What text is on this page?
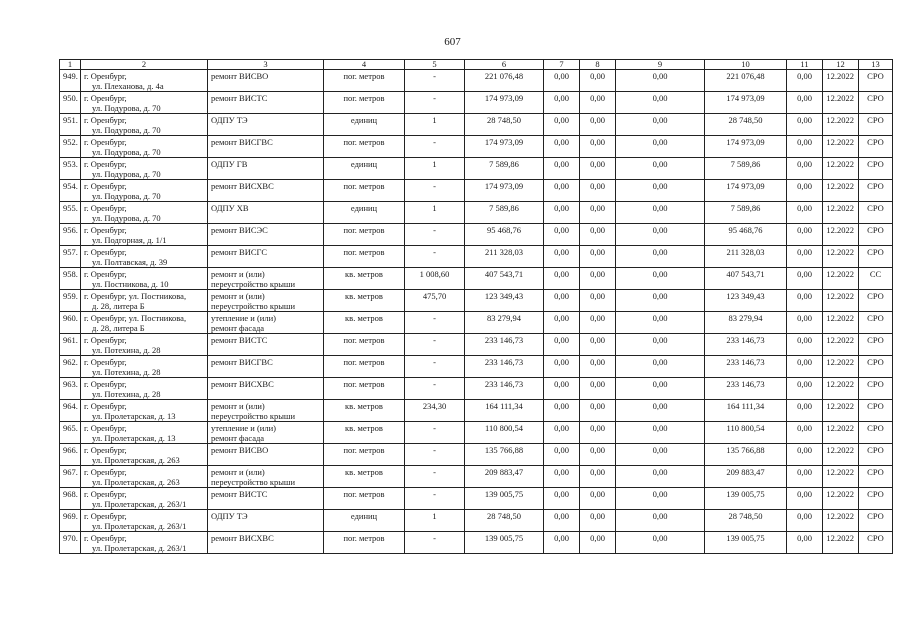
607
1	2	3	4	5	6	7	8	9	10	11	12	13
949.	г. Оренбург,
ул. Плеханова, д. 4а	ремонт ВИСВО	пог. метров	-	221 076,48	0,00	0,00	0,00	221 076,48	0,00	12.2022	СРО
950.	г. Оренбург,
ул. Подурова, д. 70	ремонт ВИСТС	пог. метров	-	174 973,09	0,00	0,00	0,00	174 973,09	0,00	12.2022	СРО
951.	г. Оренбург,
ул. Подурова, д. 70	ОДПУ ТЭ	единиц	1	28 748,50	0,00	0,00	0,00	28 748,50	0,00	12.2022	СРО
952.	г. Оренбург,
ул. Подурова, д. 70	ремонт ВИСГВС	пог. метров	-	174 973,09	0,00	0,00	0,00	174 973,09	0,00	12.2022	СРО
953.	г. Оренбург,
ул. Подурова, д. 70	ОДПУ ГВ	единиц	1	7 589,86	0,00	0,00	0,00	7 589,86	0,00	12.2022	СРО
954.	г. Оренбург,
ул. Подурова, д. 70	ремонт ВИСХВС	пог. метров	-	174 973,09	0,00	0,00	0,00	174 973,09	0,00	12.2022	СРО
955.	г. Оренбург,
ул. Подурова, д. 70	ОДПУ ХВ	единиц	1	7 589,86	0,00	0,00	0,00	7 589,86	0,00	12.2022	СРО
956.	г. Оренбург,
ул. Подгорная, д. 1/1	ремонт ВИСЭС	пог. метров	-	95 468,76	0,00	0,00	0,00	95 468,76	0,00	12.2022	СРО
957.	г. Оренбург,
ул. Полтавская, д. 39	ремонт ВИСГС	пог. метров	-	211 328,03	0,00	0,00	0,00	211 328,03	0,00	12.2022	СРО
958.	г. Оренбург,
ул. Постникова, д. 10	ремонт и (или)
переустройство крыши	кв. метров	1 008,60	407 543,71	0,00	0,00	0,00	407 543,71	0,00	12.2022	СС
959.	г. Оренбург, ул. Постникова,
д. 28, литера Б	ремонт и (или)
переустройство крыши	кв. метров	475,70	123 349,43	0,00	0,00	0,00	123 349,43	0,00	12.2022	СРО
960.	г. Оренбург, ул. Постникова,
д. 28, литера Б	утепление и (или)
ремонт фасада	кв. метров	-	83 279,94	0,00	0,00	0,00	83 279,94	0,00	12.2022	СРО
961.	г. Оренбург,
ул. Потехина, д. 28	ремонт ВИСТС	пог. метров	-	233 146,73	0,00	0,00	0,00	233 146,73	0,00	12.2022	СРО
962.	г. Оренбург,
ул. Потехина, д. 28	ремонт ВИСГВС	пог. метров	-	233 146,73	0,00	0,00	0,00	233 146,73	0,00	12.2022	СРО
963.	г. Оренбург,
ул. Потехина, д. 28	ремонт ВИСХВС	пог. метров	-	233 146,73	0,00	0,00	0,00	233 146,73	0,00	12.2022	СРО
964.	г. Оренбург,
ул. Пролетарская, д. 13	ремонт и (или)
переустройство крыши	кв. метров	234,30	164 111,34	0,00	0,00	0,00	164 111,34	0,00	12.2022	СРО
965.	г. Оренбург,
ул. Пролетарская, д. 13	утепление и (или)
ремонт фасада	кв. метров	-	110 800,54	0,00	0,00	0,00	110 800,54	0,00	12.2022	СРО
966.	г. Оренбург,
ул. Пролетарская, д. 263	ремонт ВИСВО	пог. метров	-	135 766,88	0,00	0,00	0,00	135 766,88	0,00	12.2022	СРО
967.	г. Оренбург,
ул. Пролетарская, д. 263	ремонт и (или)
переустройство крыши	кв. метров	-	209 883,47	0,00	0,00	0,00	209 883,47	0,00	12.2022	СРО
968.	г. Оренбург,
ул. Пролетарская, д. 263/1	ремонт ВИСТС	пог. метров	-	139 005,75	0,00	0,00	0,00	139 005,75	0,00	12.2022	СРО
969.	г. Оренбург,
ул. Пролетарская, д. 263/1	ОДПУ ТЭ	единиц	1	28 748,50	0,00	0,00	0,00	28 748,50	0,00	12.2022	СРО
970.	г. Оренбург,
ул. Пролетарская, д. 263/1	ремонт ВИСХВС	пог. метров	-	139 005,75	0,00	0,00	0,00	139 005,75	0,00	12.2022	СРО
